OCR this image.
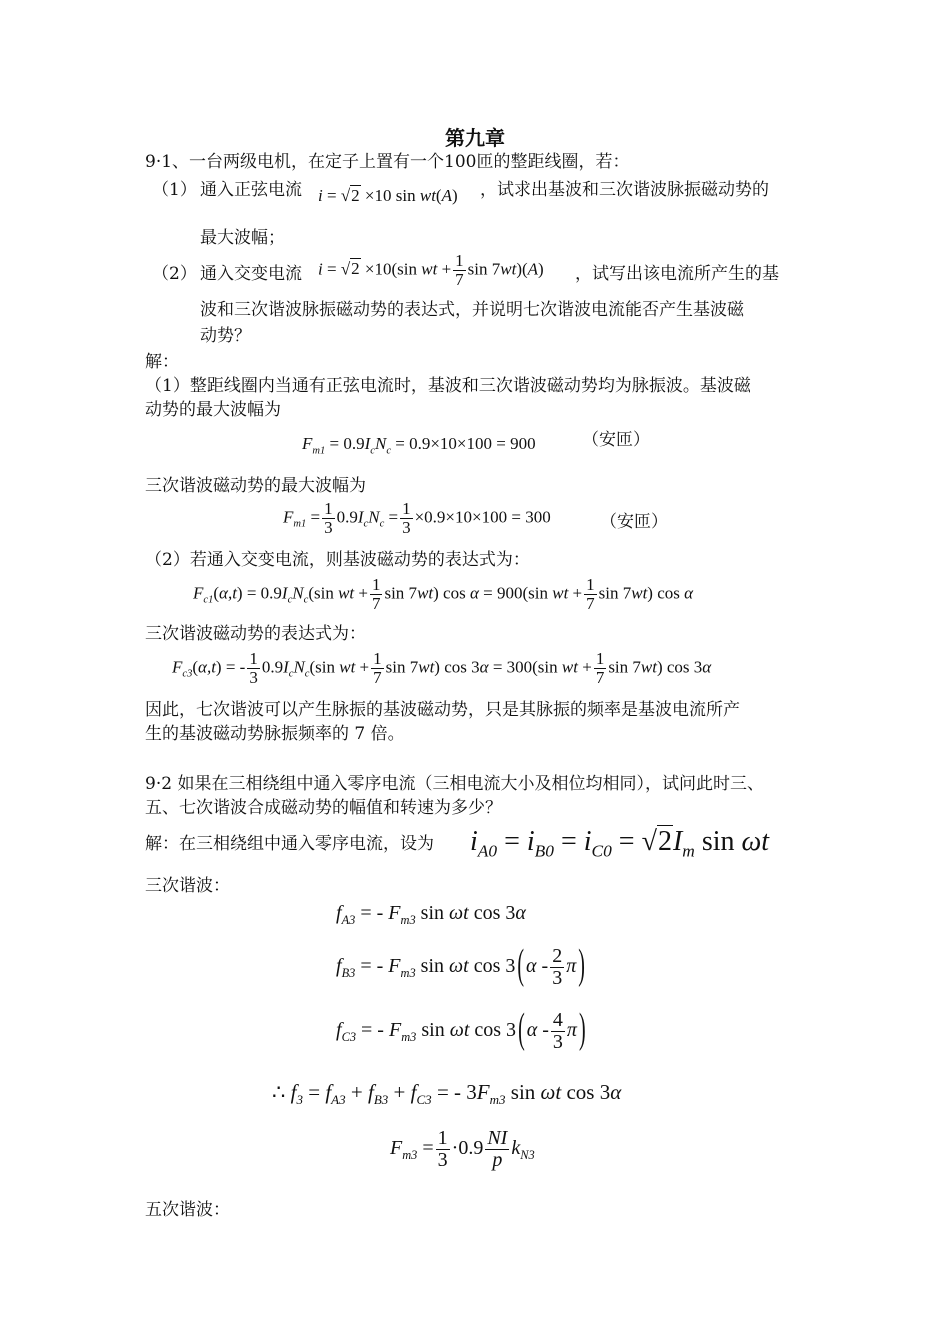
第九章
9·1、一台两级电机，在定子上置有一个100匝的整距线圈，若：
（1） 通入正弦电流 i = √2 ×10 sin wt(A) ，试求出基波和三次谐波脉振磁动势的
最大波幅；
（2） 通入交变电流 i = √2 ×10(sin wt + $\frac{1}{7}$ sin 7wt)(A) ，试写出该电流所产生的基
波和三次谐波脉振磁动势的表达式，并说明七次谐波电流能否产生基波磁
动势？
解：
（1）整距线圈内当通有正弦电流时，基波和三次谐波磁动势均为脉振波。基波磁
动势的最大波幅为
$F_{m1} = 0.9I_cN_c = 0.9\times 10\times 100 = 900$	（安匝）
三次谐波磁动势的最大波幅为
$F_{m1} = \frac{1}{3} 0.9I_cN_c = \frac{1}{3} \times 0.9\times 10\times 100 = 300$	（安匝）
（2）若通入交变电流，则基波磁动势的表达式为：
$F_{c1}(\alpha,t) = 0.9I_cN_c(\sin$ wt + $\frac{1}{7}$ sin 7wt) cos α = 900(sin wt + $\frac{1}{7}$ sin 7wt) cos α
三次谐波磁动势的表达式为：
$F_{c3}(\alpha,t)$ = - $\frac{1}{3} 0.9I_cN_c(\sin$ wt + $\frac{1}{7}$ sin 7wt) cos 3α = 300(sin wt + $\frac{1}{7}$ sin 7wt) cos 3α
因此，七次谐波可以产生脉振的基波磁动势，只是其脉振的频率是基波电流所产
生的基波磁动势脉振频率的 7 倍。
9·2 如果在三相绕组中通入零序电流（三相电流大小及相位均相同），试问此时三、
五、七次谐波合成磁动势的幅值和转速为多少？
解：在三相绕组中通入零序电流，设为 $i_{A0} = i_{B0} = i_{C0} = √2I_m$ sin ωt
三次谐波：
$f_{A3}$ = - $F_{m3}$ sin ωt cos 3α
$f_{B3}$ = - $F_{m3}$ sin ωt cos 3 ( α - $\frac{2}{3}$ π )
$f_{C3}$ = - $F_{m3}$ sin ωt cos 3 ( α - $\frac{4}{3}$ π )
∴ $f_3 = f_{A3} + f_{B3} + f_{C3}$ = - $3F_{m3}$ sin ωt cos 3α
$F_{m3} = \frac{1}{3} \cdot 0.9 \frac{NI}{p} k_{N3}$
五次谐波：
